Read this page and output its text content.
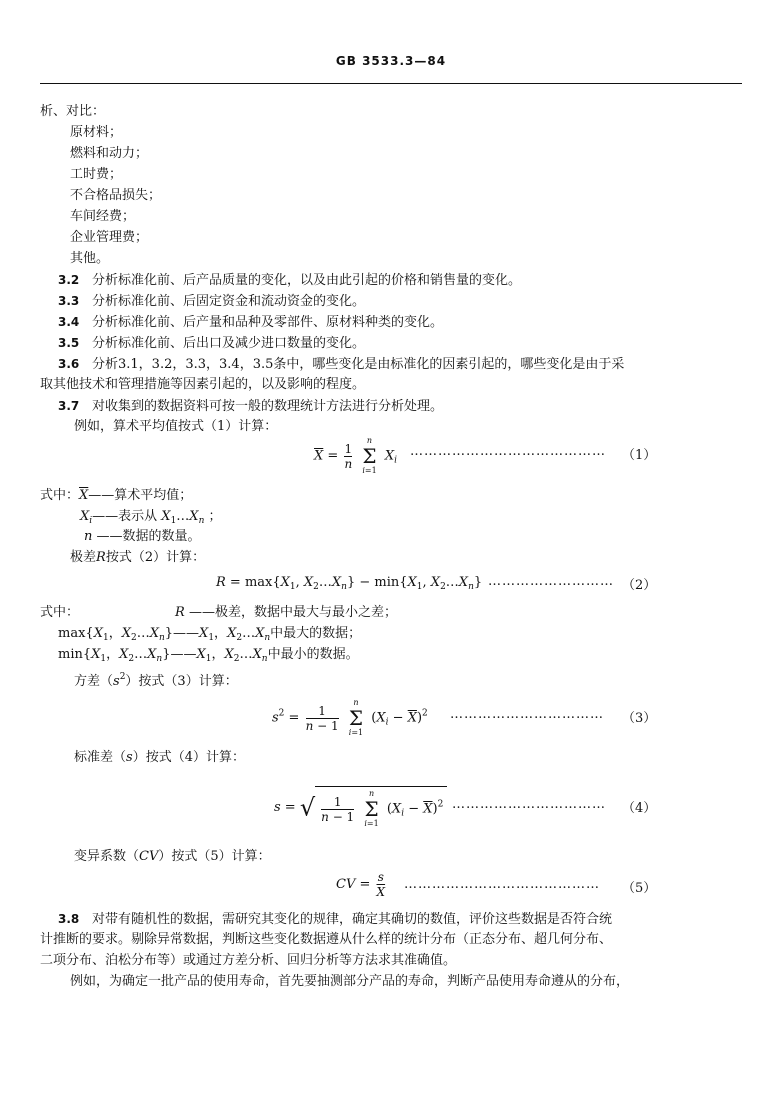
GB 3533.3—84
析、对比：
原材料；
燃料和动力；
工时费；
不合格品损失；
车间经费；
企业管理费；
其他。
3.2 分析标准化前、后产品质量的变化，以及由此引起的价格和销售量的变化。
3.3 分析标准化前、后固定资金和流动资金的变化。
3.4 分析标准化前、后产量和品种及零部件、原材料种类的变化。
3.5 分析标准化前、后出口及减少进口数量的变化。
3.6 分析3.1，3.2，3.3，3.4，3.5条中，哪些变化是由标准化的因素引起的，哪些变化是由于采
取其他技术和管理措施等因素引起的，以及影响的程度。
3.7 对收集到的数据资料可按一般的数理统计方法进行分析处理。
例如，算术平均值按式（1）计算：
$\overline{X} = \frac{1}{n}$

n
Σ
i=1
$X_i$
…………………………………… （1）
式中：$\overline{X}——$算术平均值；
$X_i——$表示从 $X_1\dots X_n$ ；
n ——数据的数量。
极差R按式（2）计算：
$R = \max\{X_1$, $X_2\dots X_n\} - \min\{X_1$, $X_2\dots X_n$} ……………………… （2）
式中：	R ——极差，数据中最大与最小之差；
$\max\{X_1$，$X_2\dots X_n\}——X_1$，$X_2\dots X_n$中最大的数据；
$\min\{X_1$，$X_2\dots X_n\}——X_1$，$X_2\dots X_n$中最小的数据。
方差$(s^2)$按式（3）计算：
$s^2 = \frac{1}{n - 1}$

n
Σ
i=1
$(X_i - \overline{X})^2$ …………………………… （3）
标准差（s）按式（4）计算：
s = √ $\frac{1}{n - 1}$

n
Σ
i=1
$(X_i - \overline{X})^2$ …………………………… （4）
变异系数（CV）按式（5）计算：
CV = $\frac{s}{X}$ …………………………………… （5）
3.8 对带有随机性的数据，需研究其变化的规律，确定其确切的数值，评价这些数据是否符合统
计推断的要求。剔除异常数据，判断这些变化数据遵从什么样的统计分布（正态分布、超几何分布、
二项分布、泊松分布等）或通过方差分析、回归分析等方法求其准确值。
例如，为确定一批产品的使用寿命，首先要抽测部分产品的寿命，判断产品使用寿命遵从的分布，
